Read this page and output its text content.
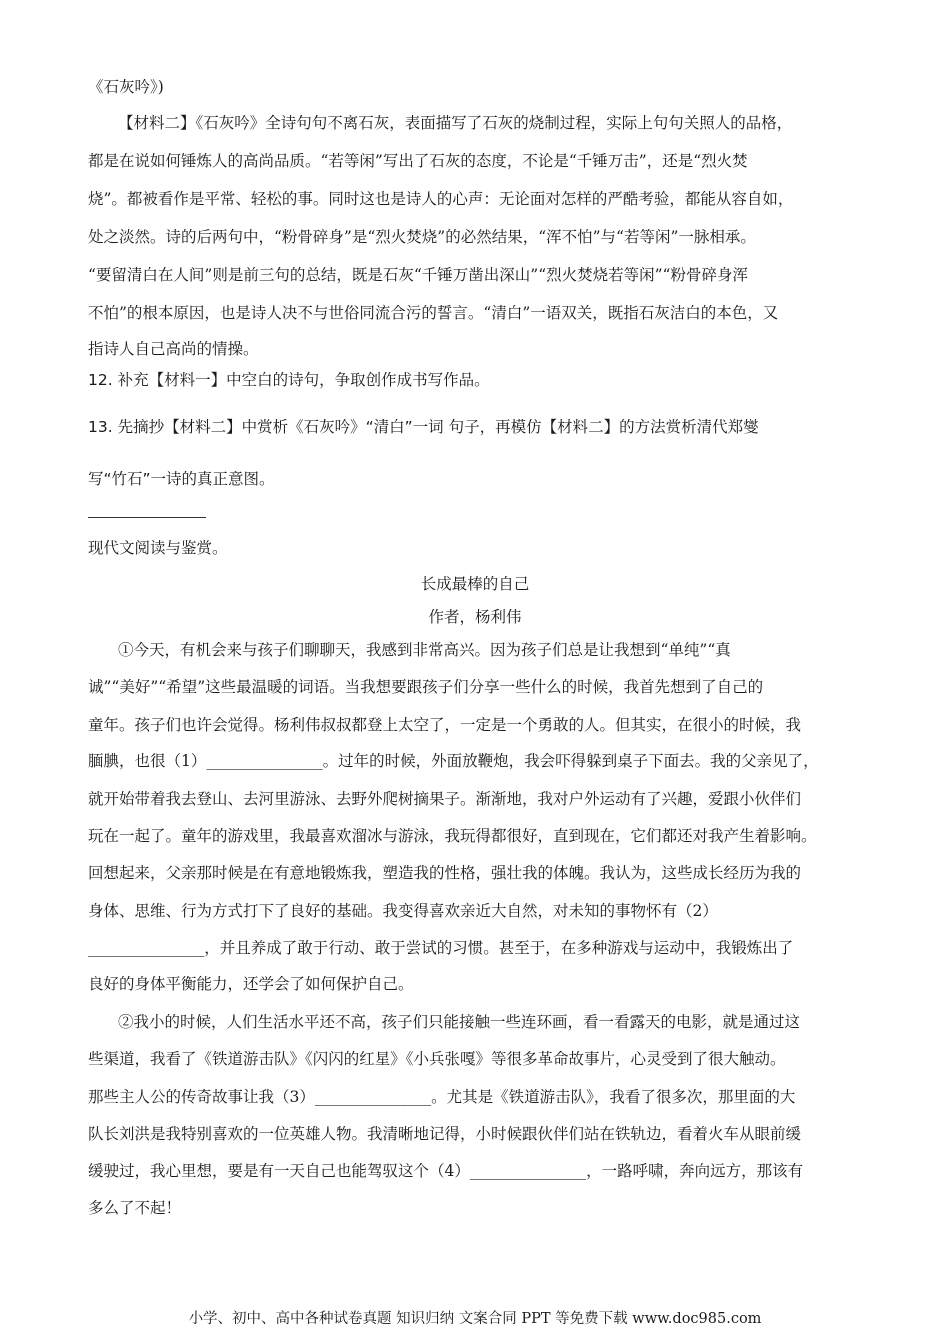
《石灰吟》)
【材料二】《石灰吟》全诗句句不离石灰，表面描写了石灰的烧制过程，实际上句句关照人的品格，
都是在说如何锤炼人的高尚品质。“若等闲”写出了石灰的态度，不论是“千锤万击”，还是“烈火焚
烧”。都被看作是平常、轻松的事。同时这也是诗人的心声：无论面对怎样的严酷考验，都能从容自如，
处之淡然。诗的后两句中，“粉骨碎身”是“烈火焚烧”的必然结果，“浑不怕”与“若等闲”一脉相承。
“要留清白在人间”则是前三句的总结，既是石灰“千锤万凿出深山”“烈火焚烧若等闲”“粉骨碎身浑
不怕”的根本原因，也是诗人决不与世俗同流合污的誓言。“清白”一语双关，既指石灰洁白的本色，又
指诗人自己高尚的情操。
12. 补充【材料一】中空白的诗句，争取创作成书写作品。
13. 先摘抄【材料二】中赏析《石灰吟》“清白”一词 句子，再模仿【材料二】的方法赏析清代郑燮
写“竹石”一诗的真正意图。
现代文阅读与鉴赏。
长成最棒的自己
作者，杨利伟
①今天，有机会来与孩子们聊聊天，我感到非常高兴。因为孩子们总是让我想到“单纯”“真
诚”“美好”“希望”这些最温暖的词语。当我想要跟孩子们分享一些什么的时候，我首先想到了自己的
童年。孩子们也许会觉得。杨利伟叔叔都登上太空了，一定是一个勇敢的人。但其实，在很小的时候，我
腼腆，也很（1）_______________。过年的时候，外面放鞭炮，我会吓得躲到桌子下面去。我的父亲见了，
就开始带着我去登山、去河里游泳、去野外爬树摘果子。渐渐地，我对户外运动有了兴趣，爱跟小伙伴们
玩在一起了。童年的游戏里，我最喜欢溜冰与游泳，我玩得都很好，直到现在，它们都还对我产生着影响。
回想起来，父亲那时候是在有意地锻炼我，塑造我的性格，强壮我的体魄。我认为，这些成长经历为我的
身体、思维、行为方式打下了良好的基础。我变得喜欢亲近大自然，对未知的事物怀有（2）
_______________，并且养成了敢于行动、敢于尝试的习惯。甚至于，在多种游戏与运动中，我锻炼出了
良好的身体平衡能力，还学会了如何保护自己。
②我小的时候，人们生活水平还不高，孩子们只能接触一些连环画，看一看露天的电影，就是通过这
些渠道，我看了《铁道游击队》《闪闪的红星》《小兵张嘎》等很多革命故事片，心灵受到了很大触动。
那些主人公的传奇故事让我（3）_______________。尤其是《铁道游击队》，我看了很多次，那里面的大
队长刘洪是我特别喜欢的一位英雄人物。我清晰地记得，小时候跟伙伴们站在铁轨边，看着火车从眼前缓
缓驶过，我心里想，要是有一天自己也能驾驭这个（4）_______________，一路呼啸，奔向远方，那该有
多么了不起！
小学、初中、高中各种试卷真题 知识归纳 文案合同 PPT 等免费下载 www.doc985.com
